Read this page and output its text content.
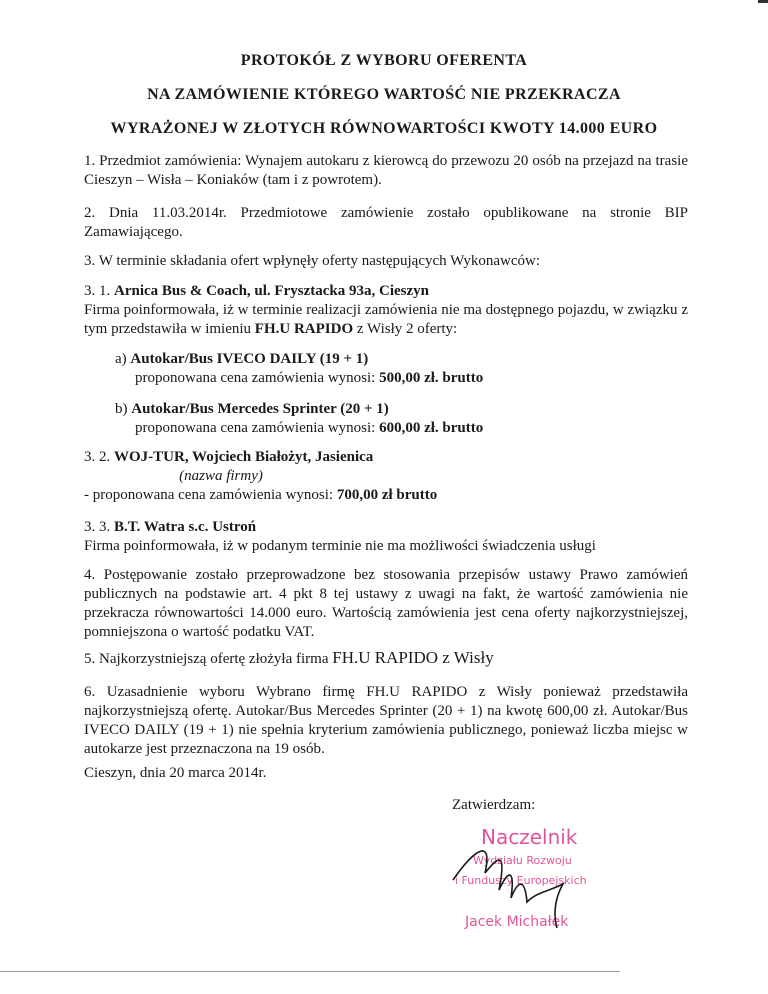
PROTOKÓŁ Z WYBORU OFERENTA
NA ZAMÓWIENIE KTÓREGO WARTOŚĆ NIE PRZEKRACZA
WYRAŻONEJ W ZŁOTYCH RÓWNOWARTOŚCI KWOTY 14.000 EURO
1. Przedmiot zamówienia: Wynajem autokaru z kierowcą do przewozu 20 osób na przejazd na trasie Cieszyn – Wisła – Koniaków (tam i z powrotem).
2. Dnia 11.03.2014r. Przedmiotowe zamówienie zostało opublikowane na stronie BIP Zamawiającego.
3. W terminie składania ofert wpłynęły oferty następujących Wykonawców:
3. 1. Arnica Bus & Coach, ul. Frysztacka 93a, Cieszyn
Firma poinformowała, iż w terminie realizacji zamówienia nie ma dostępnego pojazdu, w związku z tym przedstawiła w imieniu FH.U RAPIDO z Wisły 2 oferty:
a) Autokar/Bus IVECO DAILY (19 + 1)
proponowana cena zamówienia wynosi: 500,00 zł. brutto
b) Autokar/Bus Mercedes Sprinter (20 + 1)
proponowana cena zamówienia wynosi: 600,00 zł. brutto
3. 2. WOJ-TUR, Wojciech Białożyt, Jasienica
(nazwa firmy)
- proponowana cena zamówienia wynosi: 700,00 zł brutto
3. 3. B.T. Watra s.c. Ustroń
Firma poinformowała, iż w podanym terminie nie ma możliwości świadczenia usługi
4. Postępowanie zostało przeprowadzone bez stosowania przepisów ustawy Prawo zamówień publicznych na podstawie art. 4 pkt 8 tej ustawy z uwagi na fakt, że wartość zamówienia nie przekracza równowartości 14.000 euro. Wartością zamówienia jest cena oferty najkorzystniejszej, pomniejszona o wartość podatku VAT.
5. Najkorzystniejszą ofertę złożyła firma FH.U RAPIDO z Wisły
6. Uzasadnienie wyboru Wybrano firmę FH.U RAPIDO z Wisły ponieważ przedstawiła najkorzystniejszą ofertę. Autokar/Bus Mercedes Sprinter (20 + 1) na kwotę 600,00 zł. Autokar/Bus IVECO DAILY (19 + 1) nie spełnia kryterium zamówienia publicznego, ponieważ liczba miejsc w autokarze jest przeznaczona na 19 osób.
Cieszyn, dnia 20 marca 2014r.
Zatwierdzam:
Naczelnik
Wydziału Rozwoju
i Funduszy Europejskich
Jacek Michałek
